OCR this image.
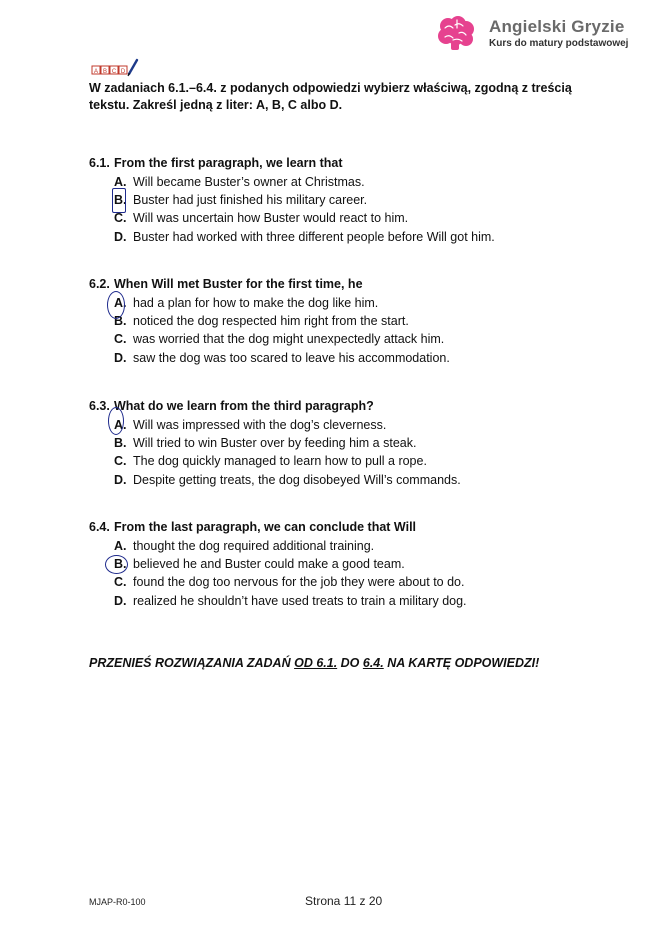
Angielski Gryzie
Kurs do matury podstawowej
A B C D
W zadaniach 6.1.–6.4. z podanych odpowiedzi wybierz właściwą, zgodną z treścią tekstu. Zakreśl jedną z liter: A, B, C albo D.
6.1. From the first paragraph, we learn that
A. Will became Buster’s owner at Christmas.
B. Buster had just finished his military career.
C. Will was uncertain how Buster would react to him.
D. Buster had worked with three different people before Will got him.
6.2. When Will met Buster for the first time, he
A. had a plan for how to make the dog like him.
B. noticed the dog respected him right from the start.
C. was worried that the dog might unexpectedly attack him.
D. saw the dog was too scared to leave his accommodation.
6.3. What do we learn from the third paragraph?
A. Will was impressed with the dog’s cleverness.
B. Will tried to win Buster over by feeding him a steak.
C. The dog quickly managed to learn how to pull a rope.
D. Despite getting treats, the dog disobeyed Will’s commands.
6.4. From the last paragraph, we can conclude that Will
A. thought the dog required additional training.
B. believed he and Buster could make a good team.
C. found the dog too nervous for the job they were about to do.
D. realized he shouldn’t have used treats to train a military dog.
PRZENIEŚ ROZWIĄZANIA ZADAŃ OD 6.1. DO 6.4. NA KARTĘ ODPOWIEDZI!
MJAP-R0-100	Strona 11 z 20
